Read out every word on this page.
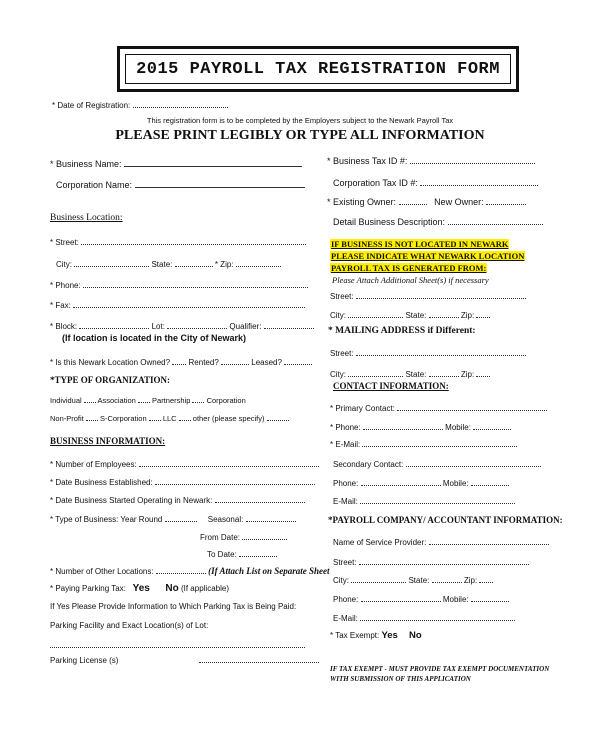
2015 PAYROLL TAX REGISTRATION FORM
* Date of Registration:
This registration form is to be completed by the Employers subject to the Newark Payroll Tax
PLEASE PRINT LEGIBLY OR TYPE ALL INFORMATION
* Business Name:
Corporation Name:
Business Location:
* Street:
City:	State:	* Zip:
* Phone:
* Fax:
* Block:	Lot:	Qualifier:
(If location is located in the City of Newark)
* Is this Newark Location Owned? Rented?	Leased?
*TYPE OF ORGANIZATION:
Individual Association Partnership Corporation
Non-Profit S-Corporation LLC other (please specify)
BUSINESS INFORMATION:
* Number of Employees:
* Date Business Established:
* Date Business Started Operating in Newark:
* Type of Business: Year Round	Seasonal:
From Date:
To Date:
* Number of Other Locations:	(If Attach List on Separate Sheet
* Paying Parking Tax: Yes No (If applicable)
If Yes Please Provide Information to Which Parking Tax is Being Paid:
Parking Facility and Exact Location(s) of Lot:
Parking License (s)
* Business Tax ID #:
Corporation Tax ID #:
* Existing Owner:	New Owner:
Detail Business Description:
IF BUSINESS IS NOT LOCATED IN NEWARK
PLEASE INDICATE WHAT NEWARK LOCATION
PAYROLL TAX IS GENERATED FROM:
Please Attach Additional Sheet(s) if necessary
Street:
City:	State:	Zip:
* MAILING ADDRESS if Different:
Street:
City:	State:	Zip:
CONTACT INFORMATION:
* Primary Contact:
* Phone:	Mobile:
* E-Mail:
Secondary Contact:
Phone:	Mobile:
E-Mail:
*PAYROLL COMPANY/ ACCOUNTANT INFORMATION:
Name of Service Provider:
Street:
City:	State:	Zip:
Phone:	Mobile:
E-Mail:
* Tax Exempt: Yes No
IF TAX EXEMPT - MUST PROVIDE TAX EXEMPT DOCUMENTATION
WITH SUBMISSION OF THIS APPLICATION
